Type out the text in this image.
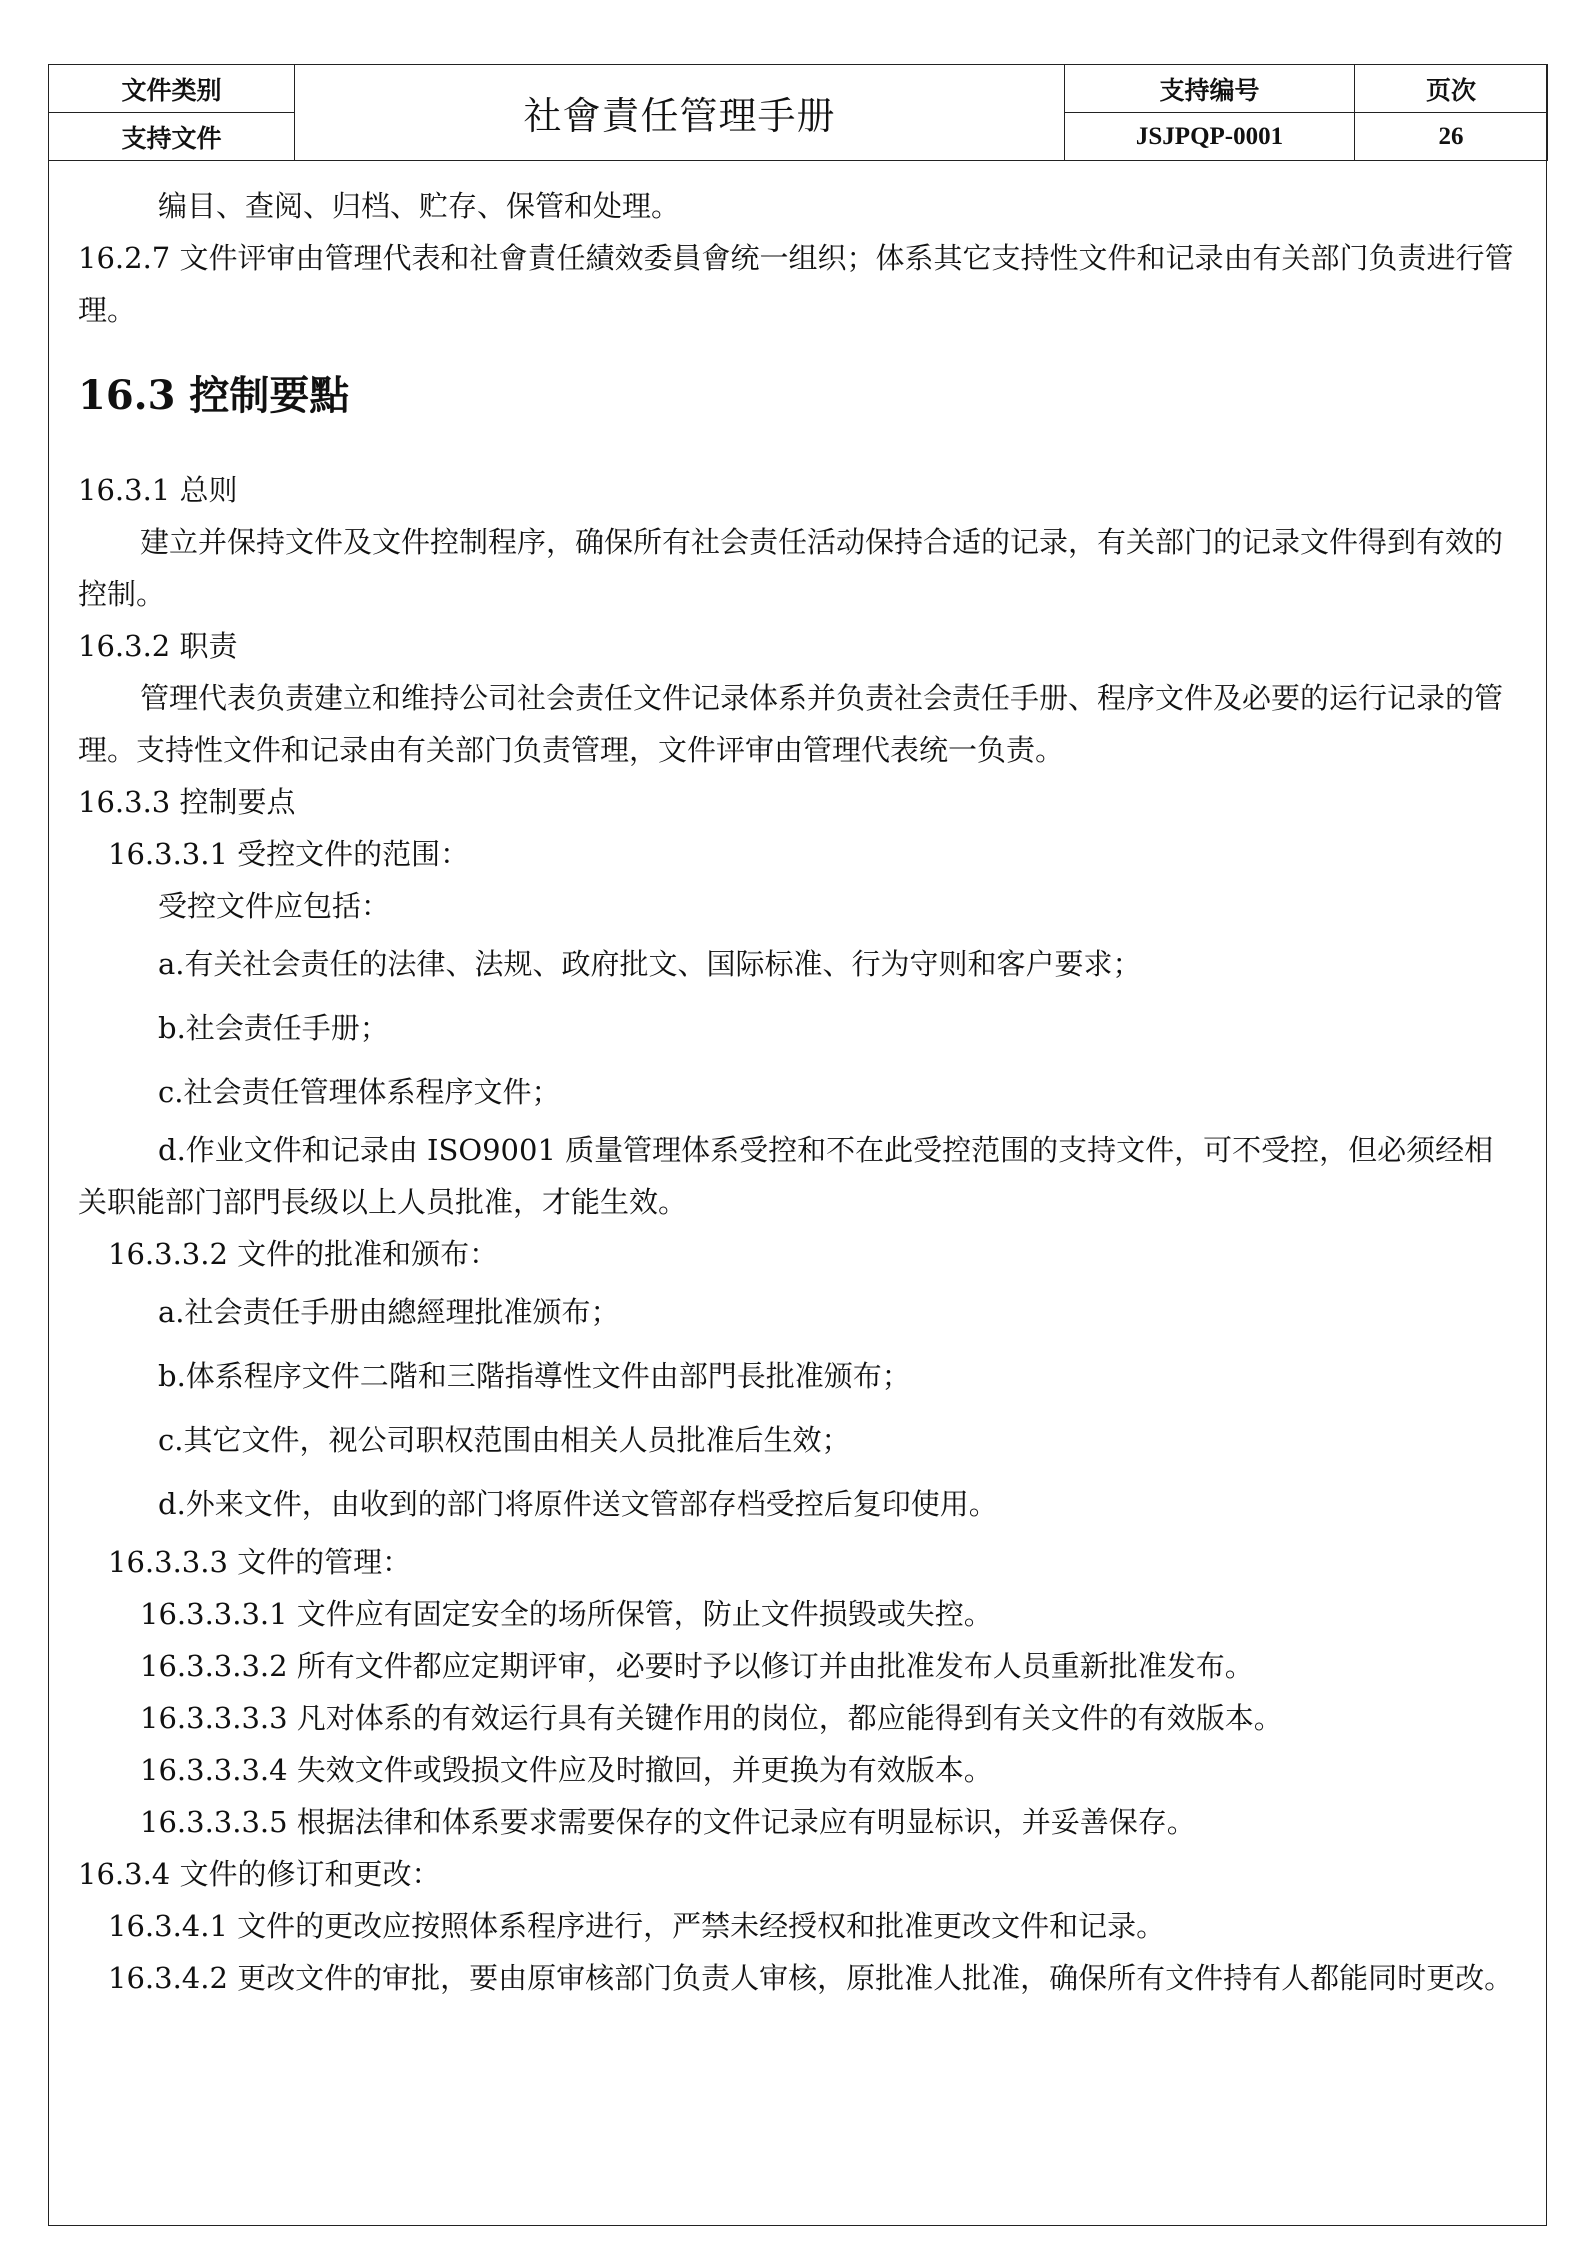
文件类别	社會責任管理手册	支持编号	页次
支持文件		JSJPQP-0001	26

编目、查阅、归档、贮存、保管和处理。

16.2.7 文件评审由管理代表和社會責任績效委員會统一组织；体系其它支持性文件和记录由有关部门负责进行管理。

16.3 控制要點

16.3.1 总则

建立并保持文件及文件控制程序，确保所有社会责任活动保持合适的记录，有关部门的记录文件得到有效的控制。

16.3.2 职责

管理代表负责建立和维持公司社会责任文件记录体系并负责社会责任手册、程序文件及必要的运行记录的管理。支持性文件和记录由有关部门负责管理，文件评审由管理代表统一负责。

16.3.3 控制要点

16.3.3.1 受控文件的范围：

受控文件应包括：

a.有关社会责任的法律、法规、政府批文、国际标准、行为守则和客户要求；

b.社会责任手册；

c.社会责任管理体系程序文件；

d.作业文件和记录由 ISO9001 质量管理体系受控和不在此受控范围的支持文件，可不受控，但必须经相关职能部门部門長级以上人员批准，才能生效。

16.3.3.2 文件的批准和颁布：

a.社会责任手册由總經理批准颁布；

b.体系程序文件二階和三階指導性文件由部門長批准颁布；

c.其它文件，视公司职权范围由相关人员批准后生效；

d.外来文件，由收到的部门将原件送文管部存档受控后复印使用。

16.3.3.3 文件的管理：

16.3.3.3.1 文件应有固定安全的场所保管，防止文件损毁或失控。

16.3.3.3.2 所有文件都应定期评审，必要时予以修订并由批准发布人员重新批准发布。

16.3.3.3.3 凡对体系的有效运行具有关键作用的岗位，都应能得到有关文件的有效版本。

16.3.3.3.4 失效文件或毁损文件应及时撤回，并更换为有效版本。

16.3.3.3.5 根据法律和体系要求需要保存的文件记录应有明显标识，并妥善保存。

16.3.4 文件的修订和更改：

16.3.4.1 文件的更改应按照体系程序进行，严禁未经授权和批准更改文件和记录。

16.3.4.2 更改文件的审批，要由原审核部门负责人审核，原批准人批准，确保所有文件持有人都能同时更改。
